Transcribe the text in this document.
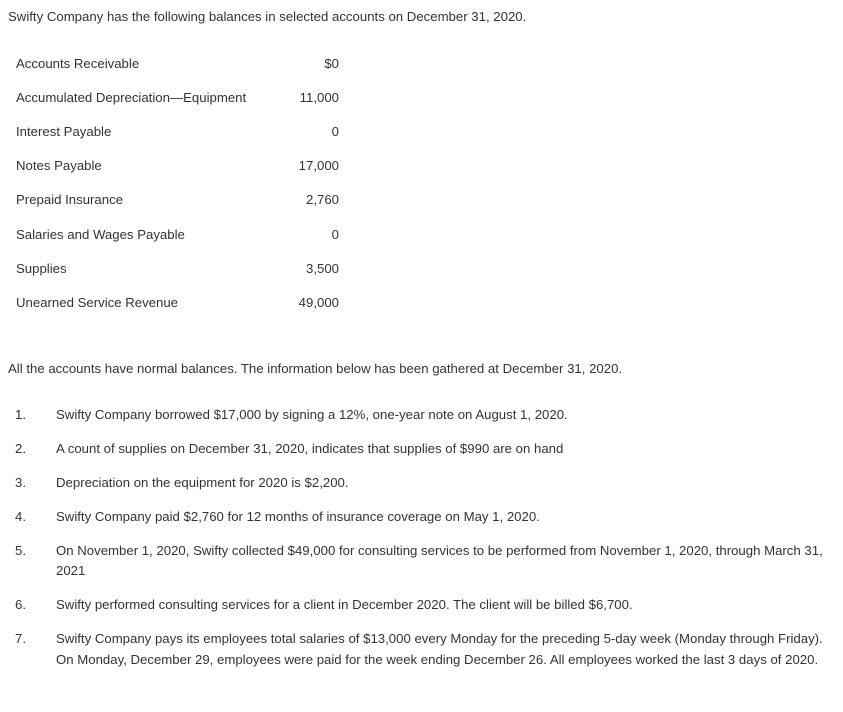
Swifty Company has the following balances in selected accounts on December 31, 2020.

Accounts Receivable	$0
Accumulated Depreciation—Equipment	11,000
Interest Payable	0
Notes Payable	17,000
Prepaid Insurance	2,760
Salaries and Wages Payable	0
Supplies	3,500
Unearned Service Revenue	49,000

All the accounts have normal balances. The information below has been gathered at December 31, 2020.

1.	Swifty Company borrowed $17,000 by signing a 12%, one-year note on August 1, 2020.
2.	A count of supplies on December 31, 2020, indicates that supplies of $990 are on hand
3.	Depreciation on the equipment for 2020 is $2,200.
4.	Swifty Company paid $2,760 for 12 months of insurance coverage on May 1, 2020.
5.	On November 1, 2020, Swifty collected $49,000 for consulting services to be performed from November 1, 2020, through March 31, 2021
6.	Swifty performed consulting services for a client in December 2020. The client will be billed $6,700.
7.	Swifty Company pays its employees total salaries of $13,000 every Monday for the preceding 5-day week (Monday through Friday). On Monday, December 29, employees were paid for the week ending December 26. All employees worked the last 3 days of 2020.
